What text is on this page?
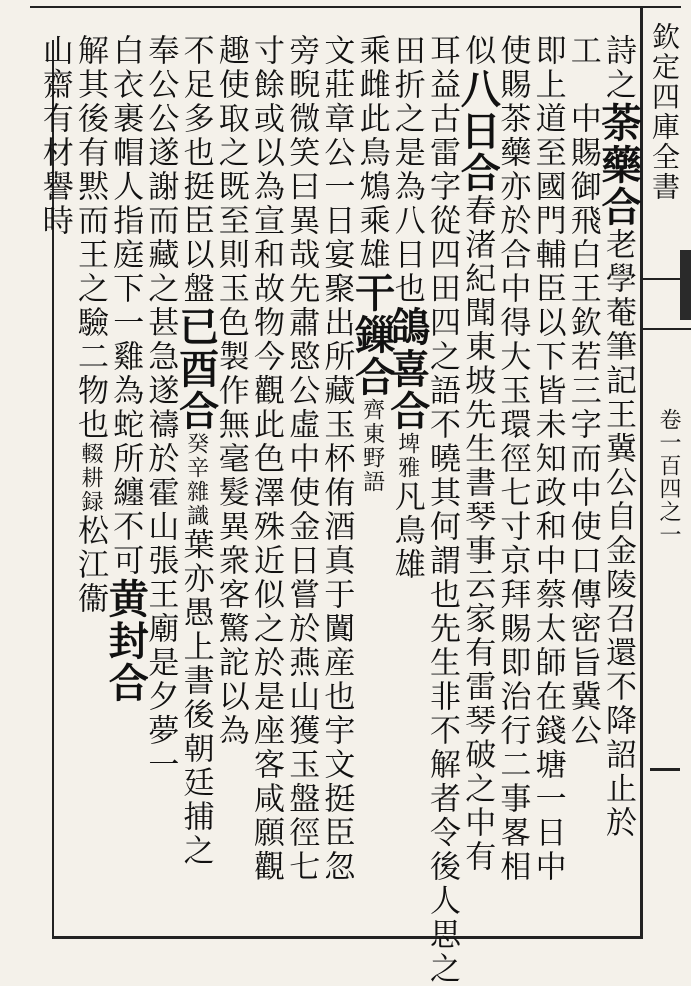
欽定四庫全書
卷一百四之一
詩之荼藥合老學菴筆記王冀公自金陵召還不降詔止於
工　中賜御飛白王欽若三字而中使口傳密旨冀公
即上道至國門輔臣以下皆未知政和中蔡太師在錢塘一日中
使賜茶藥亦於合中得大玉環徑七寸京拜賜即治行二事畧相
似八日合春渚紀聞東坡先生書琴事云家有雷琴破之中有
耳益古雷字從四田四之語不曉其何謂也先生非不解者令後人思之
田折之是為八日也鴿喜合埤雅凡鳥雄
乘雌此鳥鴆乘雄干鏁合齊東野語
文莊章公一日宴聚出所藏玉杯侑酒真于闐産也宇文挺臣忽
旁睨微笑曰異哉先肅愍公虛中使金日嘗於燕山獲玉盤徑七
寸餘或以為宣和故物今觀此色澤殊近似之於是座客咸願觀
趣使取之既至則玉色製作無毫髮異衆客驚詑以為
不足多也挺臣以盤已酉合癸辛雜識葉亦愚上書後朝廷捕之
奉公公遂謝而藏之甚急遂禱於霍山張王廟是夕夢一
白衣裹帽人指庭下一雞為蛇所纏不可黄封合
解其後有黙而王之驗二物也輟耕録松江衞
山齋有材譽時
